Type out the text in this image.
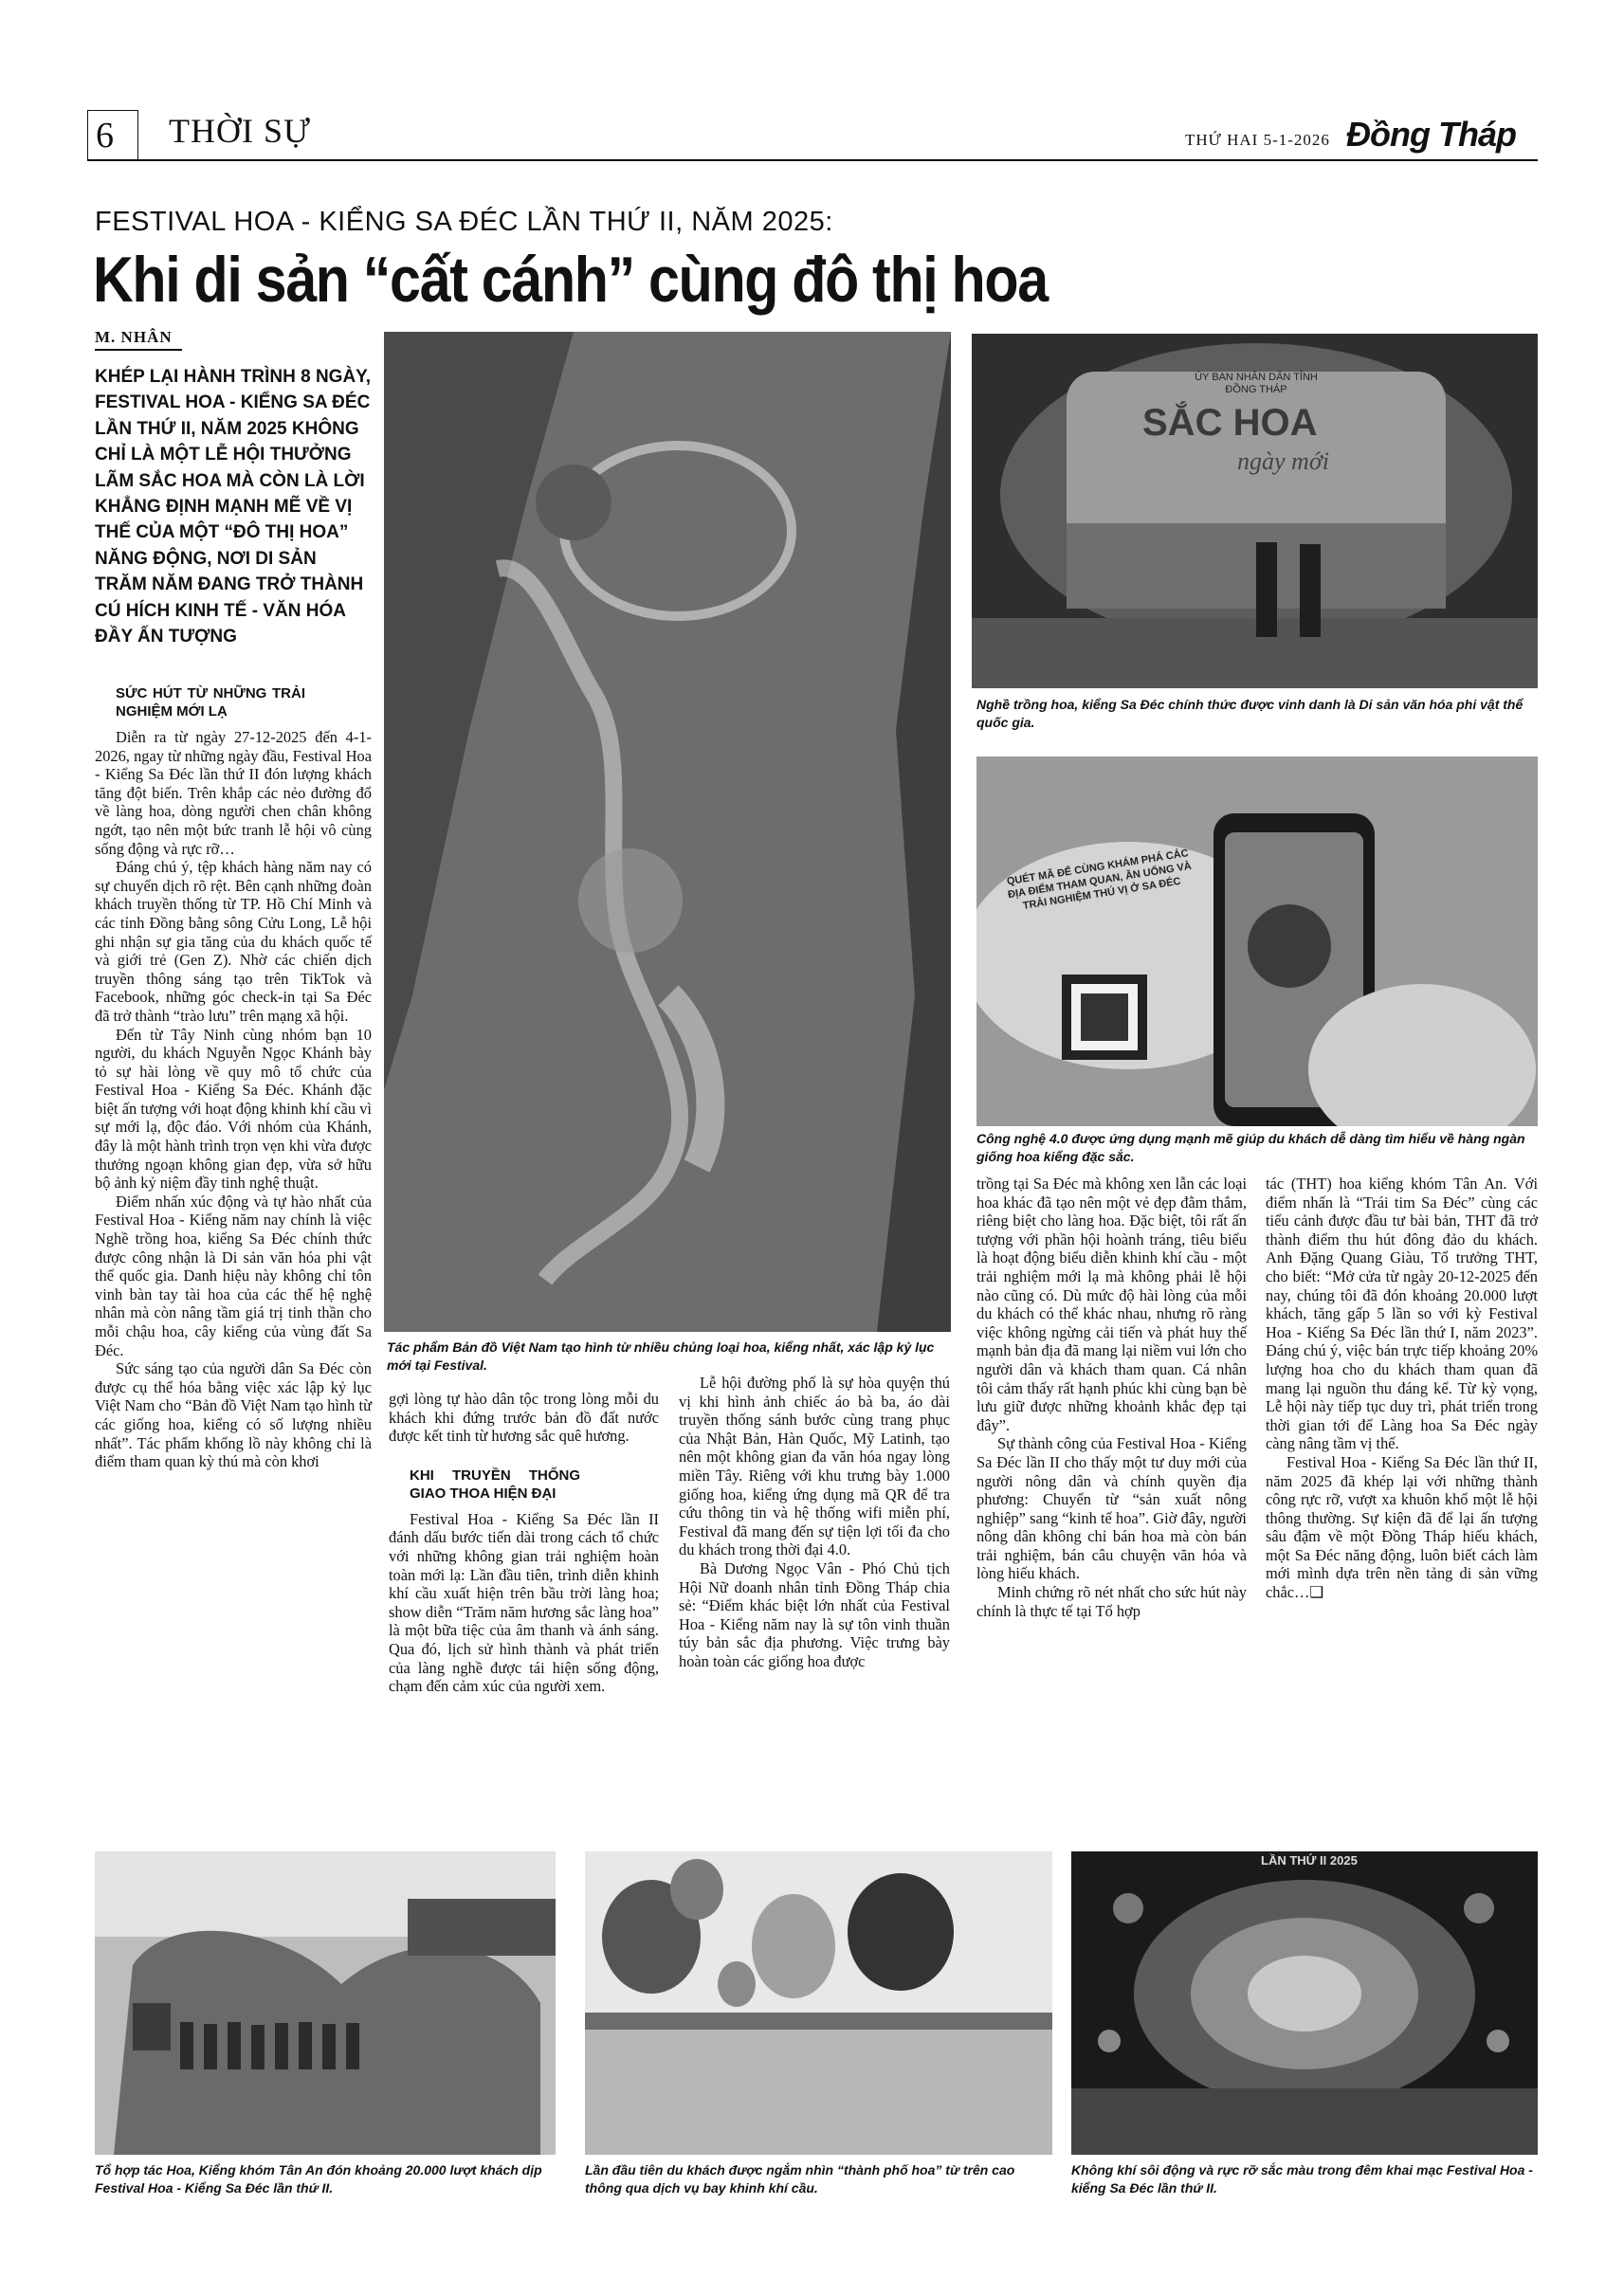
6 THỜI SỰ	THỨ HAI 5-1-2026 Đồng Tháp
FESTIVAL HOA - KIỂNG SA ĐÉC LẦN THỨ II, NĂM 2025:
Khi di sản “cất cánh” cùng đô thị hoa
M. NHÂN
KHÉP LẠI HÀNH TRÌNH 8 NGÀY, FESTIVAL HOA - KIỂNG SA ĐÉC LẦN THỨ II, NĂM 2025 KHÔNG CHỈ LÀ MỘT LỄ HỘI THƯỞNG LÃM SẮC HOA MÀ CÒN LÀ LỜI KHẲNG ĐỊNH MẠNH MẼ VỀ VỊ THẾ CỦA MỘT “ĐÔ THỊ HOA” NĂNG ĐỘNG, NƠI DI SẢN TRĂM NĂM ĐANG TRỞ THÀNH CÚ HÍCH KINH TẾ - VĂN HÓA ĐẦY ẤN TƯỢNG
SỨC HÚT TỪ NHỮNG TRẢI NGHIỆM MỚI LẠ

Diễn ra từ ngày 27-12-2025 đến 4-1-2026, ngay từ những ngày đầu, Festival Hoa - Kiểng Sa Đéc lần thứ II đón lượng khách tăng đột biến. Trên khắp các nẻo đường đổ về làng hoa, dòng người chen chân không ngớt, tạo nên một bức tranh lễ hội vô cùng sống động và rực rỡ…

Đáng chú ý, tệp khách hàng năm nay có sự chuyển dịch rõ rệt. Bên cạnh những đoàn khách truyền thống từ TP. Hồ Chí Minh và các tỉnh Đồng bằng sông Cửu Long, Lễ hội ghi nhận sự gia tăng của du khách quốc tế và giới trẻ (Gen Z). Nhờ các chiến dịch truyền thông sáng tạo trên TikTok và Facebook, những góc check-in tại Sa Đéc đã trở thành “trào lưu” trên mạng xã hội.

Đến từ Tây Ninh cùng nhóm bạn 10 người, du khách Nguyễn Ngọc Khánh bày tỏ sự hài lòng về quy mô tổ chức của Festival Hoa - Kiểng Sa Đéc. Khánh đặc biệt ấn tượng với hoạt động khinh khí cầu vì sự mới lạ, độc đáo. Với nhóm của Khánh, đây là một hành trình trọn vẹn khi vừa được thưởng ngoạn không gian đẹp, vừa sở hữu bộ ảnh kỷ niệm đầy tinh nghệ thuật.

Điểm nhấn xúc động và tự hào nhất của Festival Hoa - Kiểng năm nay chính là việc Nghề trồng hoa, kiểng Sa Đéc chính thức được công nhận là Di sản văn hóa phi vật thể quốc gia. Danh hiệu này không chỉ tôn vinh bàn tay tài hoa của các thế hệ nghệ nhân mà còn nâng tầm giá trị tinh thần cho mỗi chậu hoa, cây kiểng của vùng đất Sa Đéc.

Sức sáng tạo của người dân Sa Đéc còn được cụ thể hóa bằng việc xác lập kỷ lục Việt Nam cho “Bản đồ Việt Nam tạo hình từ các giống hoa, kiểng có số lượng nhiều nhất”. Tác phẩm khổng lồ này không chỉ là điểm tham quan kỳ thú mà còn khơi

Tác phẩm Bản đồ Việt Nam tạo hình từ nhiều chủng loại hoa, kiểng nhất, xác lập kỷ lục mới tại Festival.

gợi lòng tự hào dân tộc trong lòng mỗi du khách khi đứng trước bản đồ đất nước được kết tinh từ hương sắc quê hương.

KHI TRUYỀN THỐNG GIAO THOA HIỆN ĐẠI

Festival Hoa - Kiểng Sa Đéc lần II đánh dấu bước tiến dài trong cách tổ chức với những không gian trải nghiệm hoàn toàn mới lạ: Lần đầu tiên, trình diễn khinh khí cầu xuất hiện trên bầu trời làng hoa; show diễn “Trăm năm hương sắc làng hoa” là một bữa tiệc của âm thanh và ánh sáng. Qua đó, lịch sử hình thành và phát triển của làng nghề được tái hiện sống động, chạm đến cảm xúc của người xem.

Lễ hội đường phố là sự hòa quyện thú vị khi hình ảnh chiếc áo bà ba, áo dài truyền thống sánh bước cùng trang phục của Nhật Bản, Hàn Quốc, Mỹ Latinh, tạo nên một không gian đa văn hóa ngay lòng miền Tây. Riêng với khu trưng bày 1.000 giống hoa, kiểng ứng dụng mã QR để tra cứu thông tin và hệ thống wifi miễn phí, Festival đã mang đến sự tiện lợi tối đa cho du khách trong thời đại 4.0.

Bà Dương Ngọc Vân - Phó Chủ tịch Hội Nữ doanh nhân tỉnh Đồng Tháp chia sẻ: “Điểm khác biệt lớn nhất của Festival Hoa - Kiểng năm nay là sự tôn vinh thuần túy bản sắc địa phương. Việc trưng bày hoàn toàn các giống hoa được

ỦY BAN NHÂN DÂN TỈNH ĐỒNG THÁP
SẮC HOA
ngày mới
Nghề trồng hoa, kiểng Sa Đéc chính thức được vinh danh là Di sản văn hóa phi vật thể quốc gia.
QUÉT MÃ ĐỂ CÙNG KHÁM PHÁ CÁC ĐỊA ĐIỂM THAM QUAN, ĂN UỐNG VÀ TRẢI NGHIỆM THÚ VỊ Ở SA ĐÉC
Công nghệ 4.0 được ứng dụng mạnh mẽ giúp du khách dễ dàng tìm hiểu về hàng ngàn giống hoa kiểng đặc sắc.

trồng tại Sa Đéc mà không xen lẫn các loại hoa khác đã tạo nên một vẻ đẹp đằm thắm, riêng biệt cho làng hoa. Đặc biệt, tôi rất ấn tượng với phần hội hoành tráng, tiêu biểu là hoạt động biểu diễn khinh khí cầu - một trải nghiệm mới lạ mà không phải lễ hội nào cũng có. Dù mức độ hài lòng của mỗi du khách có thể khác nhau, nhưng rõ ràng việc không ngừng cải tiến và phát huy thế mạnh bản địa đã mang lại niềm vui lớn cho người dân và khách tham quan. Cá nhân tôi cảm thấy rất hạnh phúc khi cùng bạn bè lưu giữ được những khoảnh khắc đẹp tại đây”.

Sự thành công của Festival Hoa - Kiểng Sa Đéc lần II cho thấy một tư duy mới của người nông dân và chính quyền địa phương: Chuyển từ “sản xuất nông nghiệp” sang “kinh tế hoa”. Giờ đây, người nông dân không chỉ bán hoa mà còn bán trải nghiệm, bán câu chuyện văn hóa và lòng hiếu khách.

Minh chứng rõ nét nhất cho sức hút này chính là thực tế tại Tổ hợp

tác (THT) hoa kiểng khóm Tân An. Với điểm nhấn là “Trái tim Sa Đéc” cùng các tiểu cảnh được đầu tư bài bản, THT đã trở thành điểm thu hút đông đảo du khách. Anh Đặng Quang Giàu, Tổ trưởng THT, cho biết: “Mở cửa từ ngày 20-12-2025 đến nay, chúng tôi đã đón khoảng 20.000 lượt khách, tăng gấp 5 lần so với kỳ Festival Hoa - Kiểng Sa Đéc lần thứ I, năm 2023”. Đáng chú ý, việc bán trực tiếp khoảng 20% lượng hoa cho du khách tham quan đã mang lại nguồn thu đáng kể. Từ kỳ vọng, Lễ hội này tiếp tục duy trì, phát triển trong thời gian tới để Làng hoa Sa Đéc ngày càng nâng tầm vị thế.

Festival Hoa - Kiểng Sa Đéc lần thứ II, năm 2025 đã khép lại với những thành công rực rỡ, vượt xa khuôn khổ một lễ hội thông thường. Sự kiện đã để lại ấn tượng sâu đậm về một Đồng Tháp hiếu khách, một Sa Đéc năng động, luôn biết cách làm mới mình dựa trên nền tảng di sản vững chắc…❑

Tổ hợp tác Hoa, Kiểng khóm Tân An đón khoảng 20.000 lượt khách dịp Festival Hoa - Kiểng Sa Đéc lần thứ II.
Lần đầu tiên du khách được ngắm nhìn “thành phố hoa” từ trên cao thông qua dịch vụ bay khinh khí cầu.
LẦN THỨ II 2025
Không khí sôi động và rực rỡ sắc màu trong đêm khai mạc Festival Hoa - kiểng Sa Đéc lần thứ II.
